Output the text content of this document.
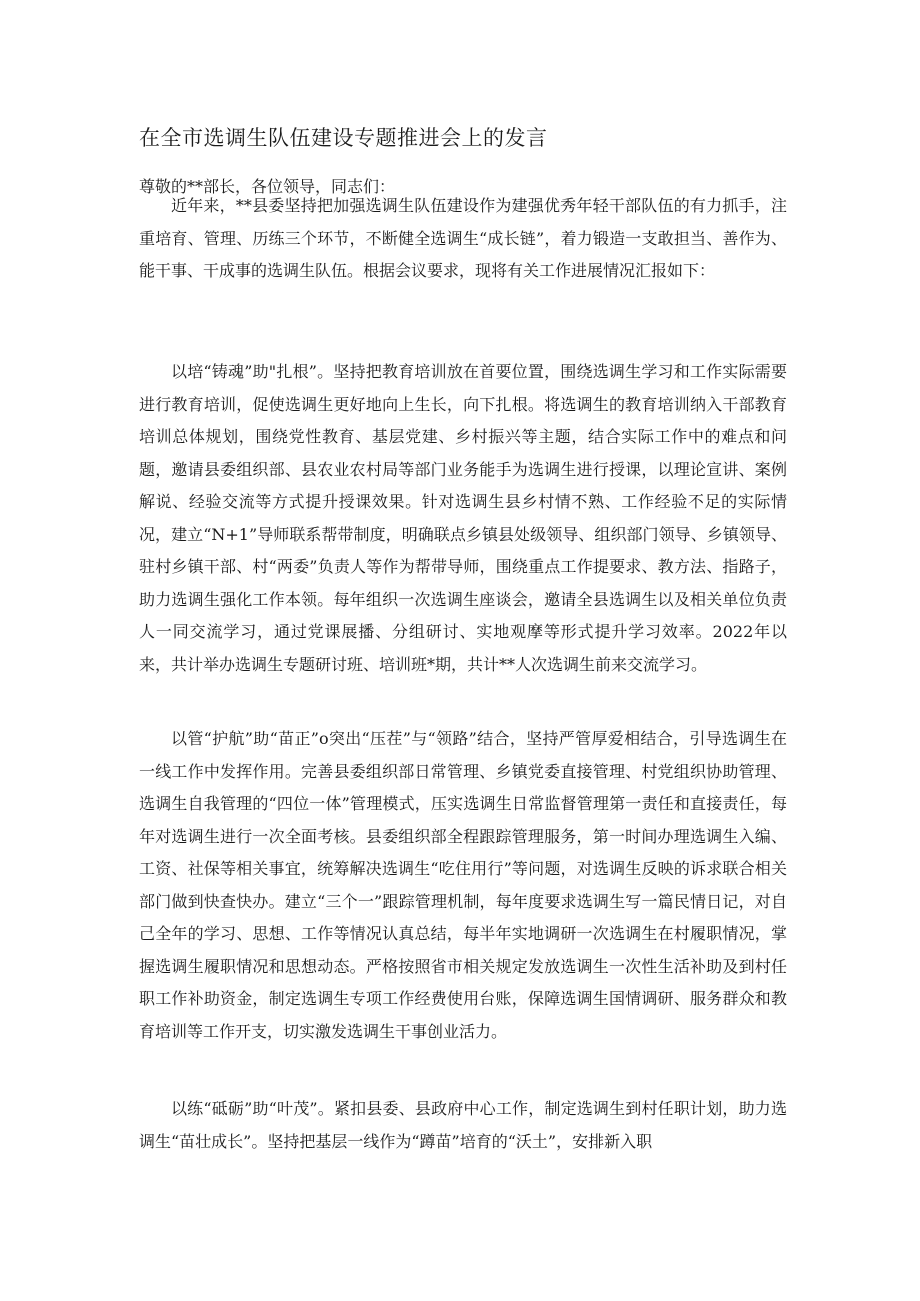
在全市选调生队伍建设专题推进会上的发言
尊敬的**部长，各位领导，同志们：

近年来，**县委坚持把加强选调生队伍建设作为建强优秀年轻干部队伍的有力抓手，注重培育、管理、历练三个环节，不断健全选调生“成长链”，着力锻造一支敢担当、善作为、能干事、干成事的选调生队伍。根据会议要求，现将有关工作进展情况汇报如下：

以培“铸魂”助"扎根”。坚持把教育培训放在首要位置，围绕选调生学习和工作实际需要进行教育培训，促使选调生更好地向上生长，向下扎根。将选调生的教育培训纳入干部教育培训总体规划，围绕党性教育、基层党建、乡村振兴等主题，结合实际工作中的难点和问题，邀请县委组织部、县农业农村局等部门业务能手为选调生进行授课，以理论宣讲、案例解说、经验交流等方式提升授课效果。针对选调生县乡村情不熟、工作经验不足的实际情况，建立“N+1”导师联系帮带制度，明确联点乡镇县处级领导、组织部门领导、乡镇领导、驻村乡镇干部、村“两委”负责人等作为帮带导师，围绕重点工作提要求、教方法、指路子，助力选调生强化工作本领。每年组织一次选调生座谈会，邀请全县选调生以及相关单位负责人一同交流学习，通过党课展播、分组研讨、实地观摩等形式提升学习效率。2022年以来，共计举办选调生专题研讨班、培训班*期，共计**人次选调生前来交流学习。

以管“护航”助“苗正”o突出“压茬”与“领路”结合，坚持严管厚爱相结合，引导选调生在一线工作中发挥作用。完善县委组织部日常管理、乡镇党委直接管理、村党组织协助管理、选调生自我管理的“四位一体”管理模式，压实选调生日常监督管理第一责任和直接责任，每年对选调生进行一次全面考核。县委组织部全程跟踪管理服务，第一时间办理选调生入编、工资、社保等相关事宜，统筹解决选调生“吃住用行”等问题，对选调生反映的诉求联合相关部门做到快查快办。建立“三个一”跟踪管理机制，每年度要求选调生写一篇民情日记，对自己全年的学习、思想、工作等情况认真总结，每半年实地调研一次选调生在村履职情况，掌握选调生履职情况和思想动态。严格按照省市相关规定发放选调生一次性生活补助及到村任职工作补助资金，制定选调生专项工作经费使用台账，保障选调生国情调研、服务群众和教育培训等工作开支，切实激发选调生干事创业活力。

以练“砥砺”助“叶茂”。紧扣县委、县政府中心工作，制定选调生到村任职计划，助力选调生“苗壮成长”。坚持把基层一线作为“蹲苗”培育的“沃土”，安排新入职
